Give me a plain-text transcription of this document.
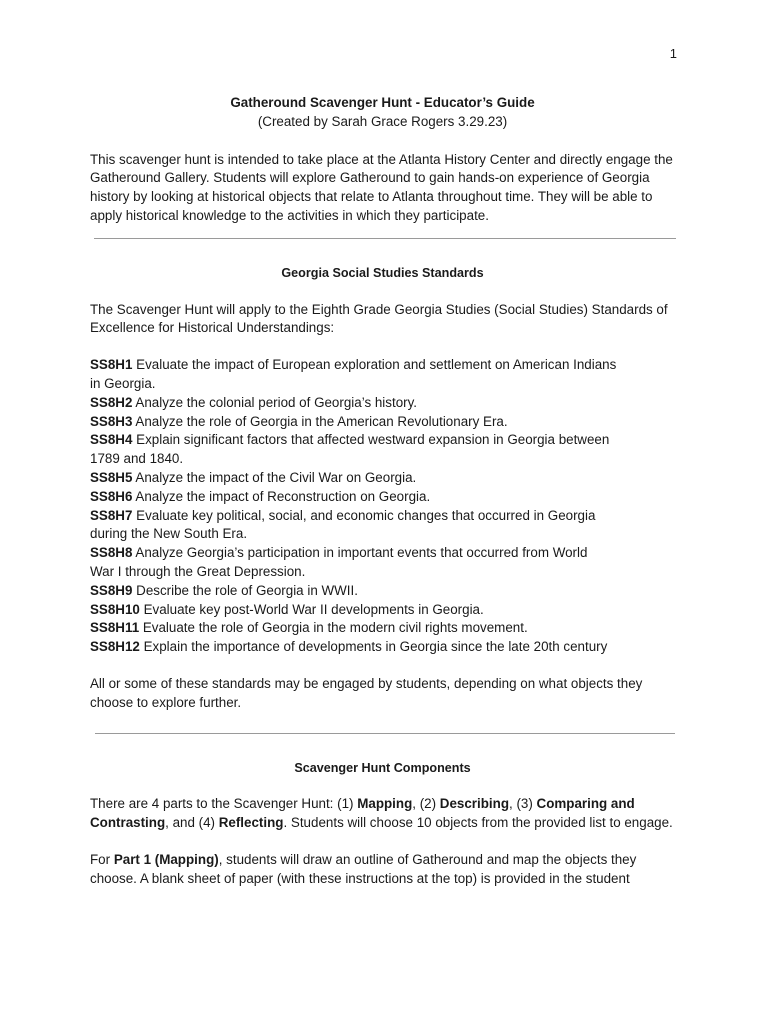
1
Gatheround Scavenger Hunt - Educator’s Guide
(Created by Sarah Grace Rogers 3.29.23)

This scavenger hunt is intended to take place at the Atlanta History Center and directly engage the Gatheround Gallery. Students will explore Gatheround to gain hands-on experience of Georgia history by looking at historical objects that relate to Atlanta throughout time. They will be able to apply historical knowledge to the activities in which they participate.

Georgia Social Studies Standards

The Scavenger Hunt will apply to the Eighth Grade Georgia Studies (Social Studies) Standards of Excellence for Historical Understandings:

SS8H1 Evaluate the impact of European exploration and settlement on American Indians
in Georgia.
SS8H2 Analyze the colonial period of Georgia’s history.
SS8H3 Analyze the role of Georgia in the American Revolutionary Era.
SS8H4 Explain significant factors that affected westward expansion in Georgia between
1789 and 1840.
SS8H5 Analyze the impact of the Civil War on Georgia.
SS8H6 Analyze the impact of Reconstruction on Georgia.
SS8H7 Evaluate key political, social, and economic changes that occurred in Georgia
during the New South Era.
SS8H8 Analyze Georgia’s participation in important events that occurred from World
War I through the Great Depression.
SS8H9 Describe the role of Georgia in WWII.
SS8H10 Evaluate key post-World War II developments in Georgia.
SS8H11 Evaluate the role of Georgia in the modern civil rights movement.
SS8H12 Explain the importance of developments in Georgia since the late 20th century

All or some of these standards may be engaged by students, depending on what objects they choose to explore further.

Scavenger Hunt Components

There are 4 parts to the Scavenger Hunt: (1) Mapping, (2) Describing, (3) Comparing and Contrasting, and (4) Reflecting. Students will choose 10 objects from the provided list to engage.

For Part 1 (Mapping), students will draw an outline of Gatheround and map the objects they choose. A blank sheet of paper (with these instructions at the top) is provided in the student
